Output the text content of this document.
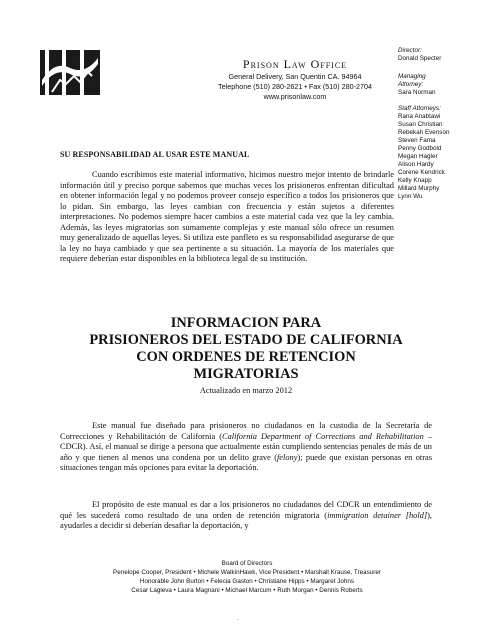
Prison Law Office
General Delivery, San Quentin CA. 94964
Telephone (510) 280-2621 • Fax (510) 280-2704
www.prisonlaw.com
Director:
Donald Specter
Managing
Attorney:
Sara Norman
Staff Attorneys:
Rana Anabtawi
Susan Christian
Rebekah Evenson
Steven Fama
Penny Godbold
Megan Hagler
Alison Hardy
Corene Kendrick
Kelly Knapp
Millard Murphy
Lynn Wu
SU RESPONSABILIDAD AL USAR ESTE MANUAL
Cuando escribimos este material informativo, hicimos nuestro mejor intento de brindarle información útil y preciso porque sabemos que muchas veces los prisioneros enfrentan dificultad en obtener información legal y no podemos proveer consejo específico a todos los prisioneros que lo pidan. Sin embargo, las leyes cambian con frecuencia y están sujetos a diferentes interpretaciones. No podemos siempre hacer cambios a este material cada vez que la ley cambia. Además, las leyes migratorias son sumamente complejas y este manual sólo ofrece un resumen muy generalizado de aquellas leyes. Si utiliza este panfleto es su responsabilidad asegurarse de que la ley no haya cambiado y que sea pertinente a su situación. La mayoría de los materiales que requiere deberían estar disponibles en la biblioteca legal de su institución.
INFORMACION PARA
PRISIONEROS DEL ESTADO DE CALIFORNIA
CON ORDENES DE RETENCION
MIGRATORIAS
Actualizado en marzo 2012
Este manual fue diseñado para prisioneros no ciudadanos en la custodia de la Secretaría de Correcciones y Rehabilitación de California (California Department of Corrections and Rehabilitation – CDCR). Así, el manual se dirige a persona que actualmente están cumpliendo sentencias penales de más de un año y que tienen al menos una condena por un delito grave (felony); puede que existan personas en otras situaciones tengan más opciones para evitar la deportación.
El propósito de este manual es dar a los prisioneros no ciudadanos del CDCR un entendimiento de qué les sucederá como resultado de una orden de retención migratoria (immigration detainer [hold]), ayudarles a decidir si deberían desafiar la deportación, y
Board of Directors
Penelope Cooper, President • Michele WalkinHawk, Vice President • Marshall Krause, Treasurer
Honorable John Burton • Felecia Gaston • Christiane Hipps • Margaret Johns
Cesar Lagleva • Laura Magnani • Michael Marcum • Ruth Morgan • Dennis Roberts
-
